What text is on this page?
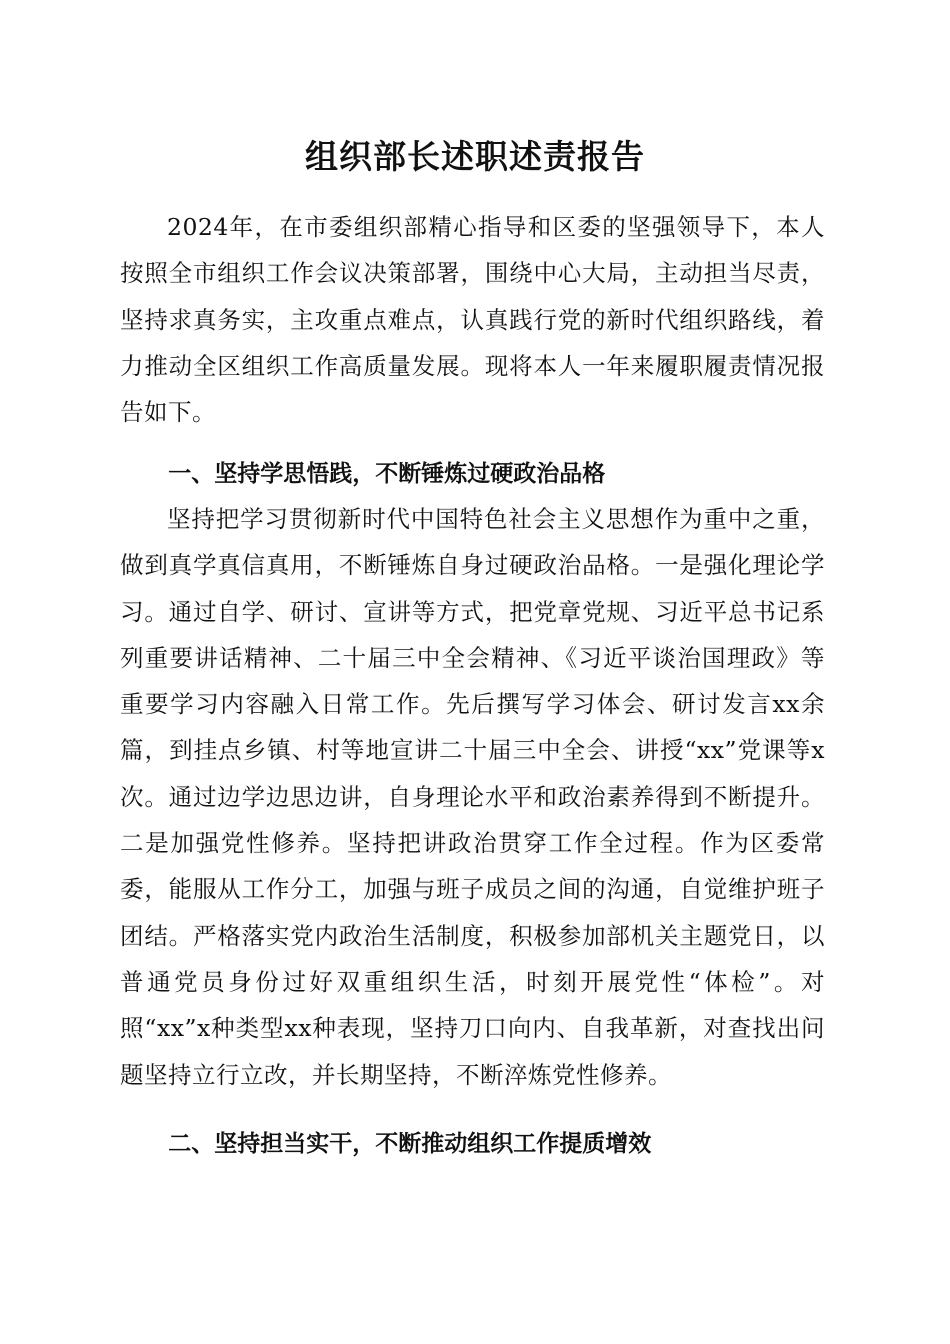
组织部长述职述责报告

2024年，在市委组织部精心指导和区委的坚强领导下，本人按照全市组织工作会议决策部署，围绕中心大局，主动担当尽责，坚持求真务实，主攻重点难点，认真践行党的新时代组织路线，着力推动全区组织工作高质量发展。现将本人一年来履职履责情况报告如下。

一、坚持学思悟践，不断锤炼过硬政治品格

坚持把学习贯彻新时代中国特色社会主义思想作为重中之重，做到真学真信真用，不断锤炼自身过硬政治品格。一是强化理论学习。通过自学、研讨、宣讲等方式，把党章党规、习近平总书记系列重要讲话精神、二十届三中全会精神、《习近平谈治国理政》等重要学习内容融入日常工作。先后撰写学习体会、研讨发言xx余篇，到挂点乡镇、村等地宣讲二十届三中全会、讲授“xx”党课等x次。通过边学边思边讲，自身理论水平和政治素养得到不断提升。二是加强党性修养。坚持把讲政治贯穿工作全过程。作为区委常委，能服从工作分工，加强与班子成员之间的沟通，自觉维护班子团结。严格落实党内政治生活制度，积极参加部机关主题党日，以普通党员身份过好双重组织生活，时刻开展党性“体检”。对照“xx”x种类型xx种表现，坚持刀口向内、自我革新，对查找出问题坚持立行立改，并长期坚持，不断淬炼党性修养。

二、坚持担当实干，不断推动组织工作提质增效
